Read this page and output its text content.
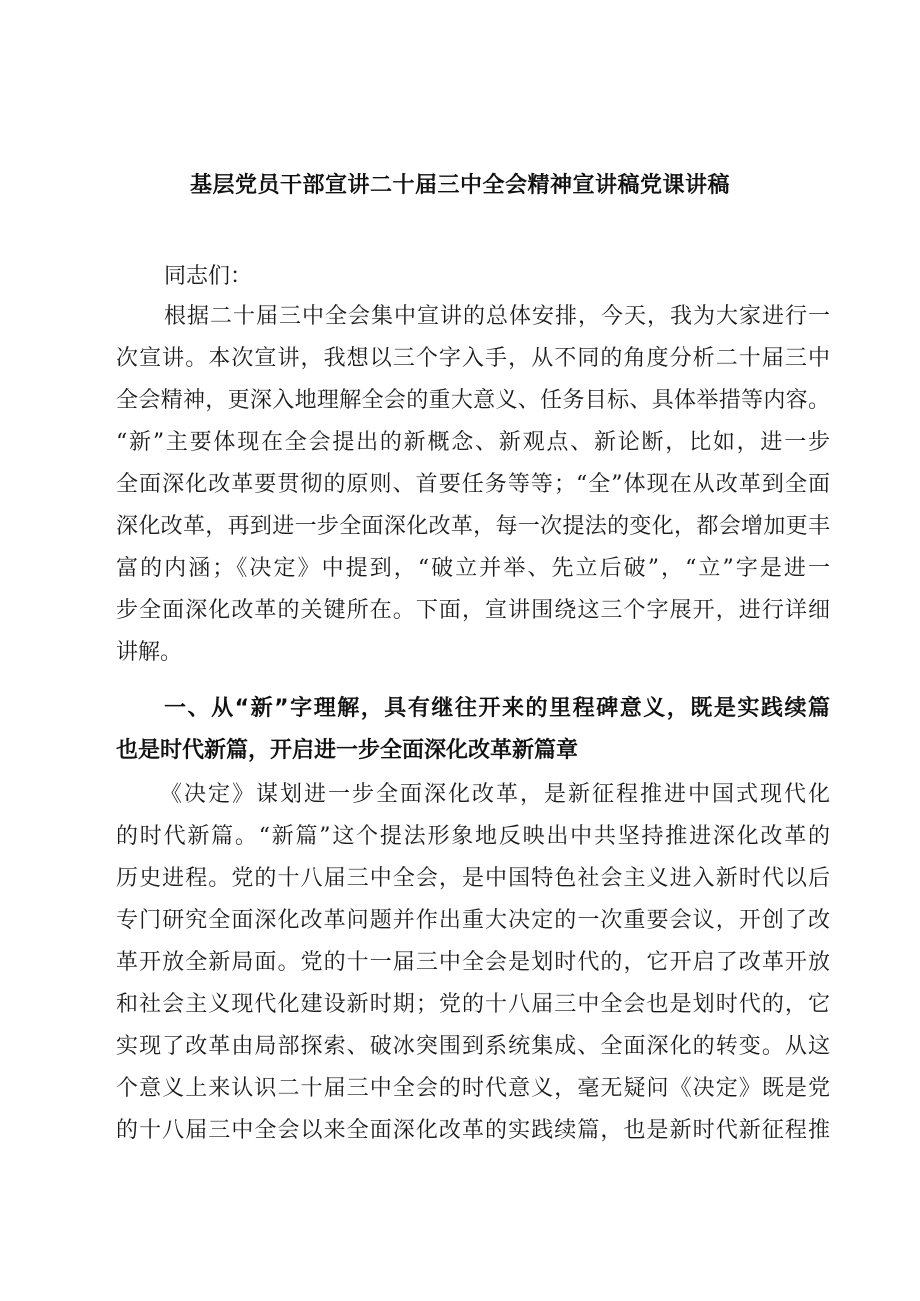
基层党员干部宣讲二十届三中全会精神宣讲稿党课讲稿
同志们：
根据二十届三中全会集中宣讲的总体安排，今天，我为大家进行一
次宣讲。本次宣讲，我想以三个字入手，从不同的角度分析二十届三中
全会精神，更深入地理解全会的重大意义、任务目标、具体举措等内容。
“新”主要体现在全会提出的新概念、新观点、新论断，比如，进一步
全面深化改革要贯彻的原则、首要任务等等；“全”体现在从改革到全面
深化改革，再到进一步全面深化改革，每一次提法的变化，都会增加更丰
富的内涵；《决定》中提到，“破立并举、先立后破”，“立”字是进一
步全面深化改革的关键所在。下面，宣讲围绕这三个字展开，进行详细
讲解。
一、从“新”字理解，具有继往开来的里程碑意义，既是实践续篇
也是时代新篇，开启进一步全面深化改革新篇章
《决定》谋划进一步全面深化改革，是新征程推进中国式现代化
的时代新篇。“新篇”这个提法形象地反映出中共坚持推进深化改革的
历史进程。党的十八届三中全会，是中国特色社会主义进入新时代以后
专门研究全面深化改革问题并作出重大决定的一次重要会议，开创了改
革开放全新局面。党的十一届三中全会是划时代的，它开启了改革开放
和社会主义现代化建设新时期；党的十八届三中全会也是划时代的，它
实现了改革由局部探索、破冰突围到系统集成、全面深化的转变。从这
个意义上来认识二十届三中全会的时代意义，毫无疑问《决定》既是党
的十八届三中全会以来全面深化改革的实践续篇，也是新时代新征程推
